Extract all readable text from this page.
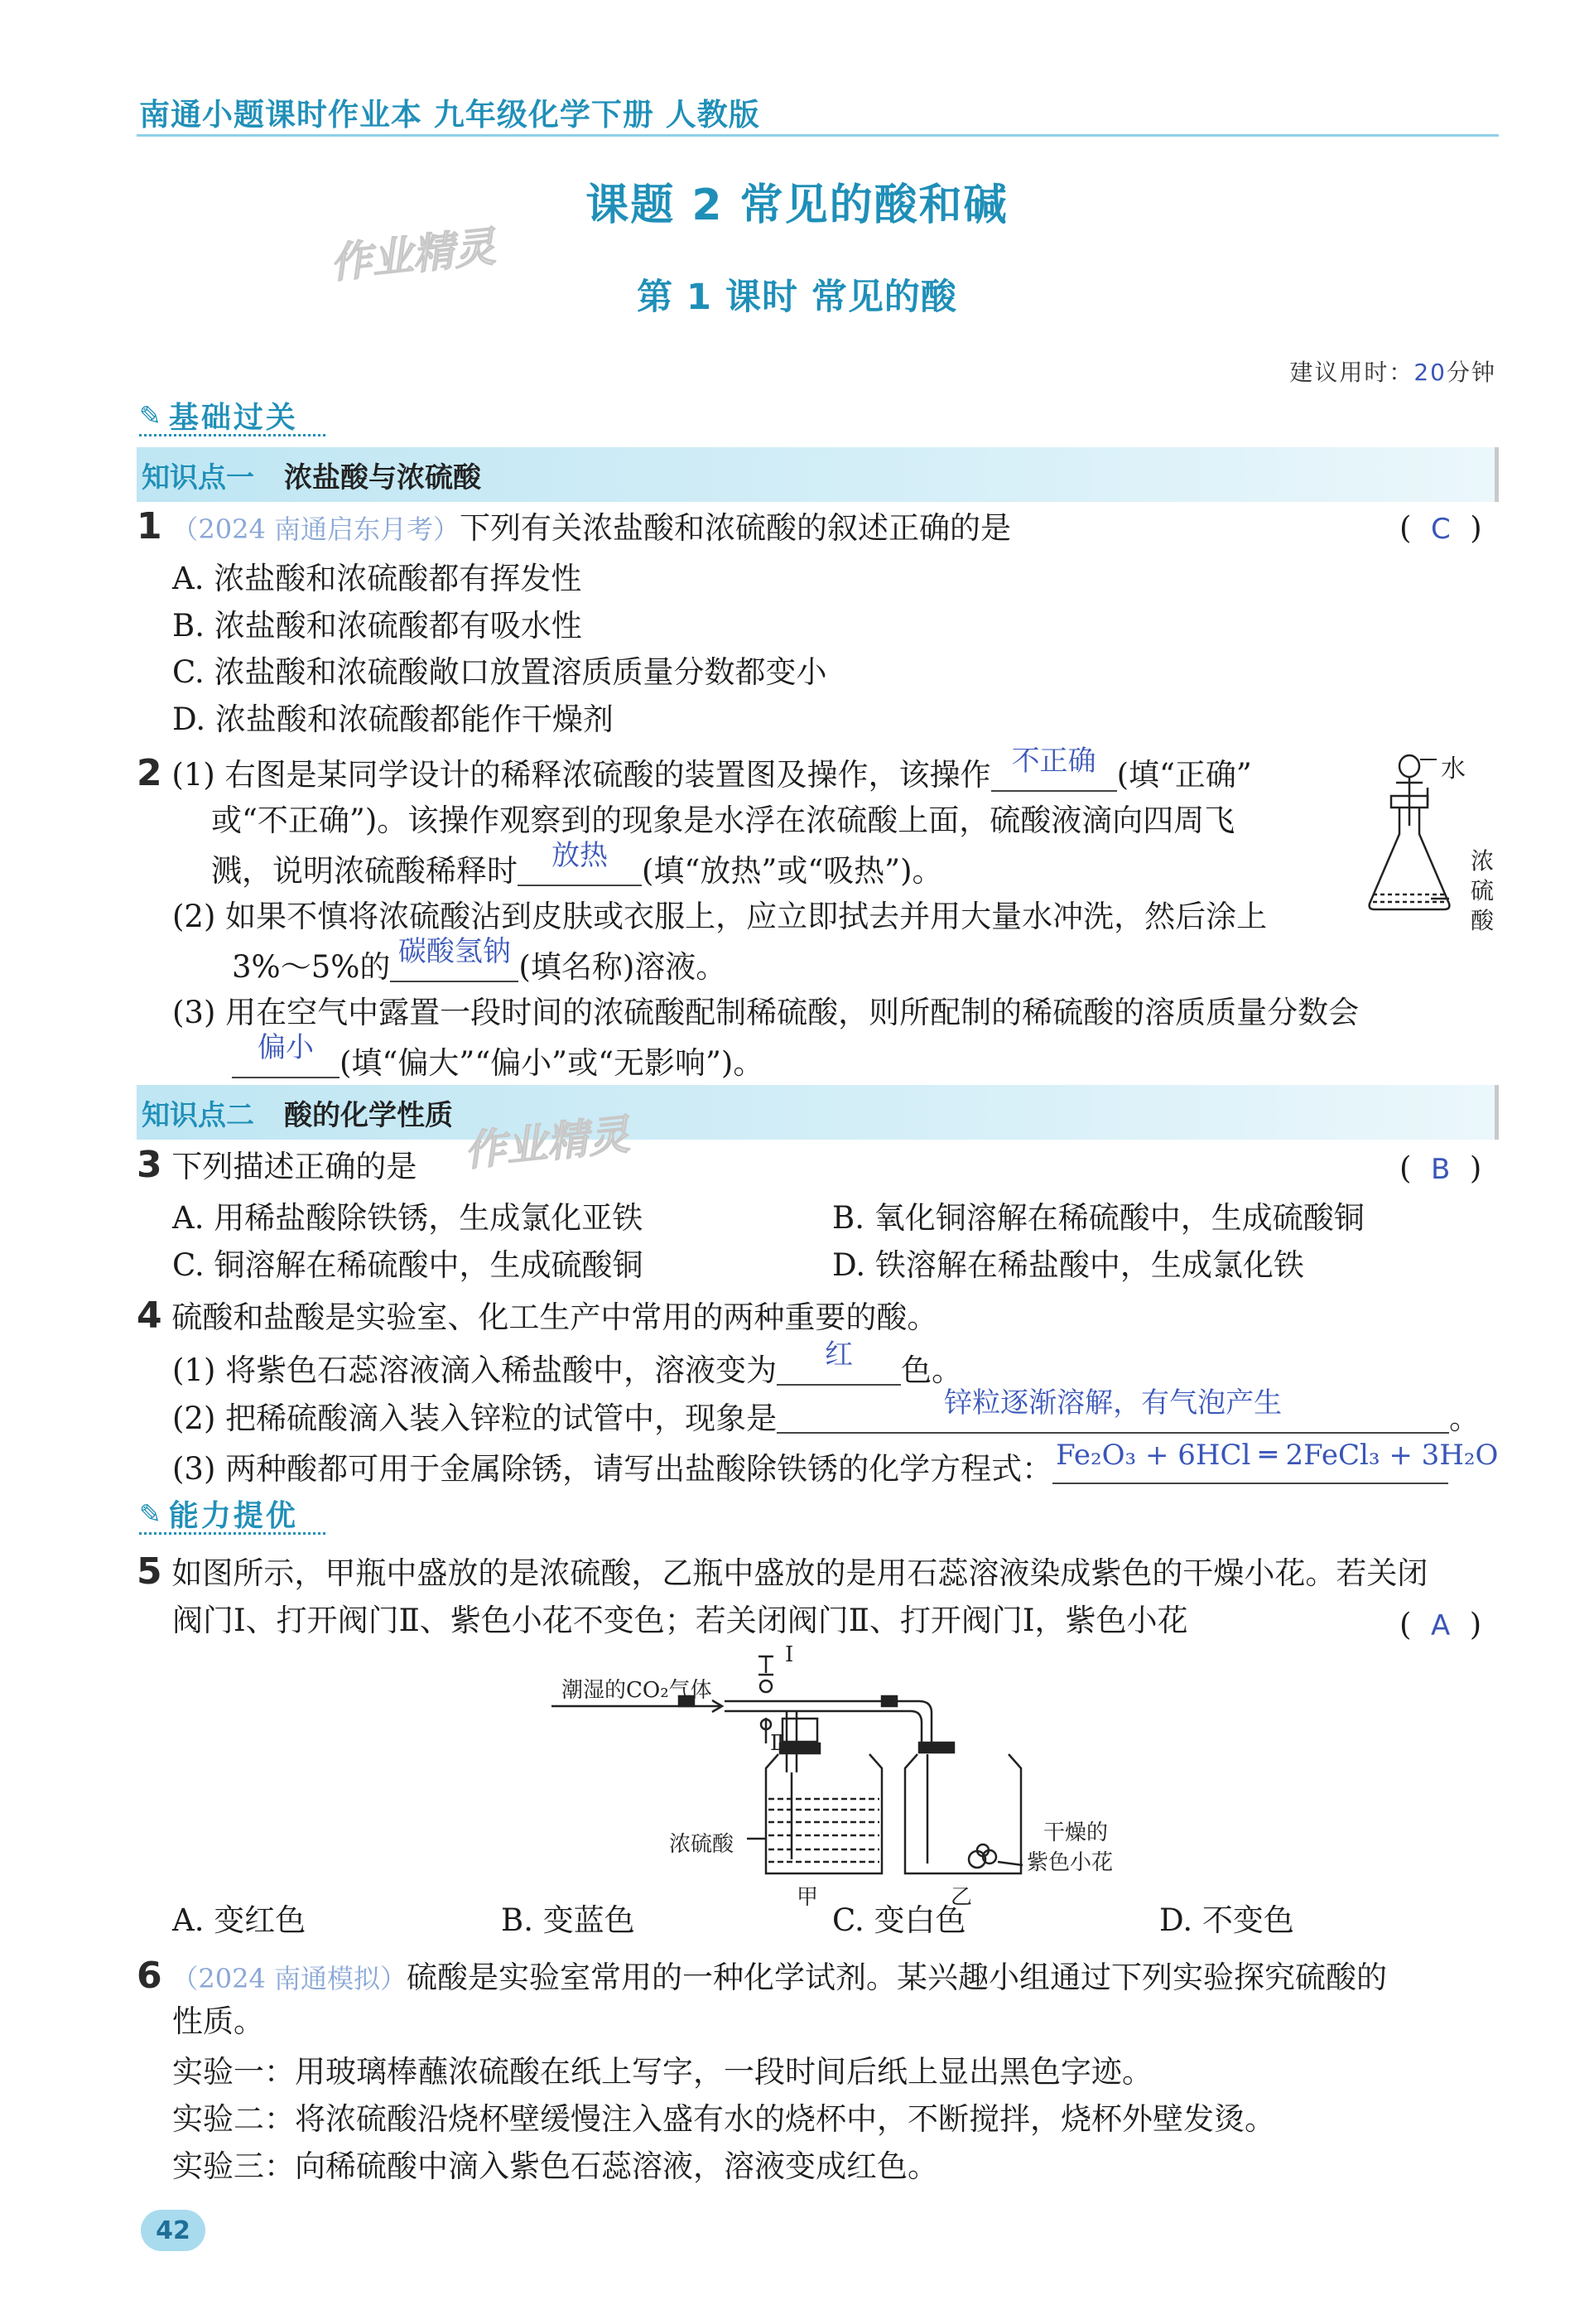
南通小题课时作业本 九年级化学下册 人教版
课题 2 常见的酸和碱
第 1 课时 常见的酸
作业精灵
建议用时：20分钟
✎ 基础过关
知识点一 浓盐酸与浓硫酸
1 （2024 南通启东月考）下列有关浓盐酸和浓硫酸的叙述正确的是	(  C  )
A. 浓盐酸和浓硫酸都有挥发性
B. 浓盐酸和浓硫酸都有吸水性
C. 浓盐酸和浓硫酸敞口放置溶质质量分数都变小
D. 浓盐酸和浓硫酸都能作干燥剂
2 (1) 右图是某同学设计的稀释浓硫酸的装置图及操作，该操作 不正确 (填“正确”
或“不正确”)。该操作观察到的现象是水浮在浓硫酸上面，硫酸液滴向四周飞
溅，说明浓硫酸稀释时	放热	(填“放热”或“吸热”)。
(2) 如果不慎将浓硫酸沾到皮肤或衣服上，应立即拭去并用大量水冲洗，然后涂上
3%～5%的 碳酸氢钠 (填名称)溶液。
(3) 用在空气中露置一段时间的浓硫酸配制稀硫酸，则所配制的稀硫酸的溶质质量分数会
偏小 (填“偏大”“偏小”或“无影响”)。
水
浓硫酸
知识点二 酸的化学性质 作业精灵
3 下列描述正确的是	(  B  )
A. 用稀盐酸除铁锈，生成氯化亚铁	B. 氧化铜溶解在稀硫酸中，生成硫酸铜
C. 铜溶解在稀硫酸中，生成硫酸铜	D. 铁溶解在稀盐酸中，生成氯化铁
4 硫酸和盐酸是实验室、化工生产中常用的两种重要的酸。
(1) 将紫色石蕊溶液滴入稀盐酸中，溶液变为	红	色。
(2) 把稀硫酸滴入装入锌粒的试管中，现象是	锌粒逐渐溶解，有气泡产生	。
(3) 两种酸都可用于金属除锈，请写出盐酸除铁锈的化学方程式： Fe₂O₃ + 6HCl ═ 2FeCl₃ + 3H₂O
✎ 能力提优
5 如图所示，甲瓶中盛放的是浓硫酸，乙瓶中盛放的是用石蕊溶液染成紫色的干燥小花。若关闭
阀门Ⅰ、打开阀门Ⅱ、紫色小花不变色；若关闭阀门Ⅱ、打开阀门Ⅰ，紫色小花	(  A  )
潮湿的CO₂气体
Ⅰ
Ⅱ
浓硫酸
甲	乙
干燥的
紫色小花
A. 变红色	B. 变蓝色	C. 变白色	D. 不变色
6 （2024 南通模拟）硫酸是实验室常用的一种化学试剂。某兴趣小组通过下列实验探究硫酸的
性质。
实验一：用玻璃棒蘸浓硫酸在纸上写字，一段时间后纸上显出黑色字迹。
实验二：将浓硫酸沿烧杯壁缓慢注入盛有水的烧杯中，不断搅拌，烧杯外壁发烫。
实验三：向稀硫酸中滴入紫色石蕊溶液，溶液变成红色。
42
